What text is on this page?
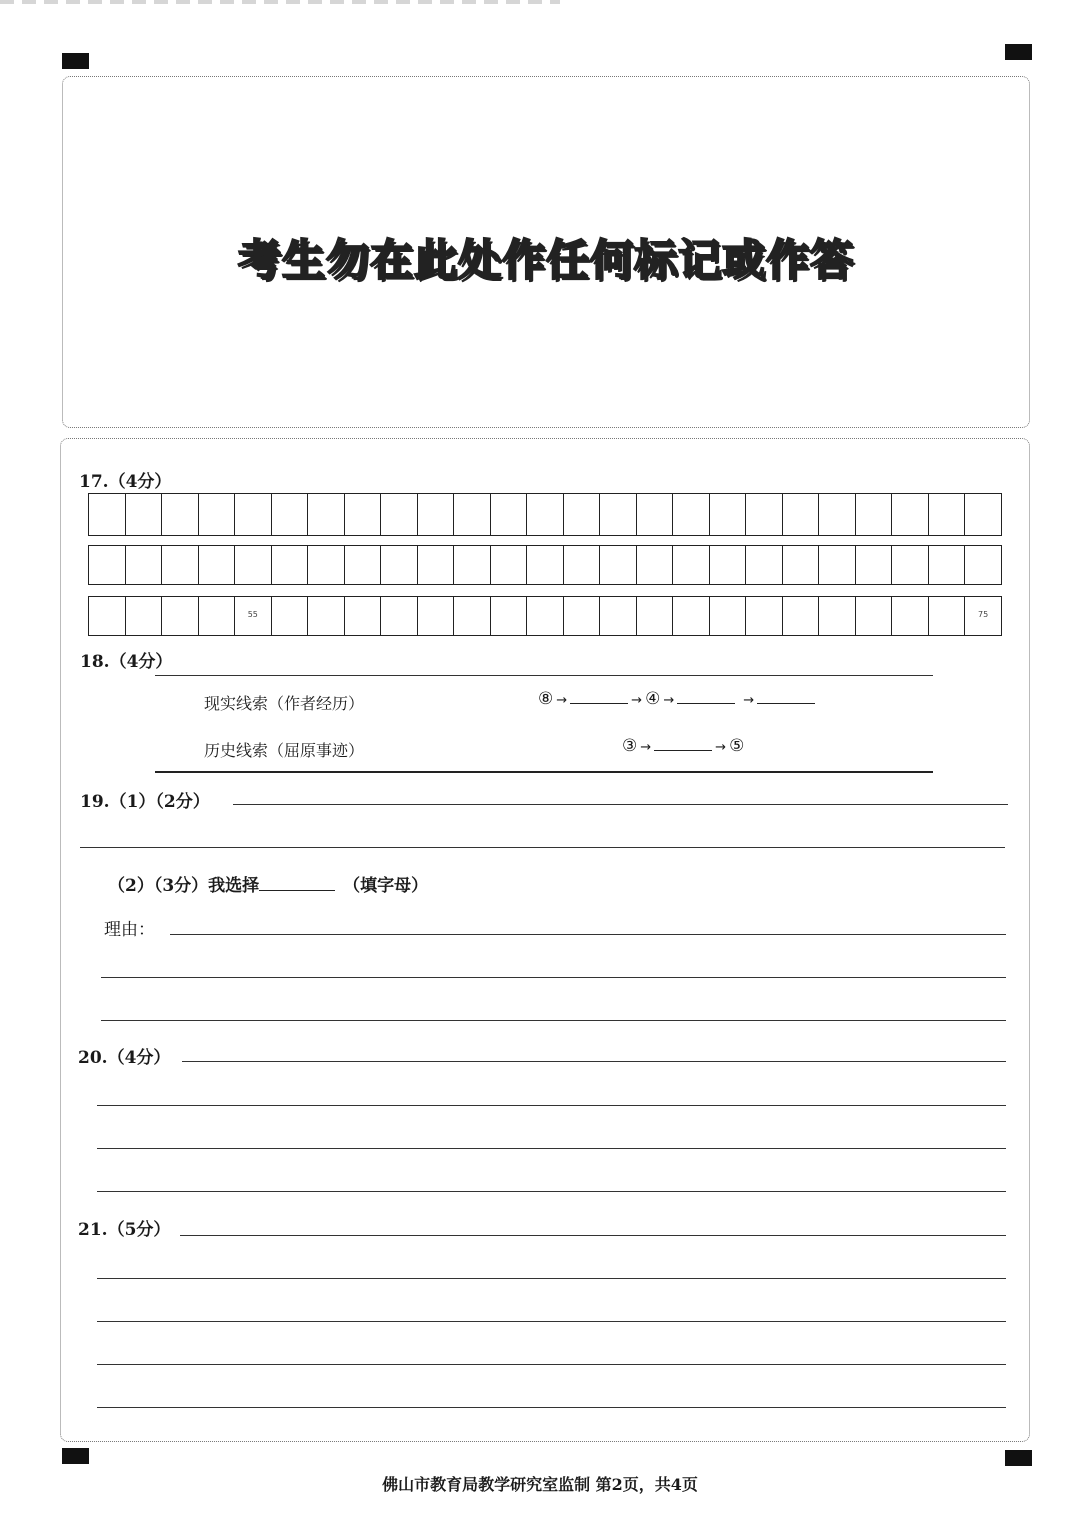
考生勿在此处作任何标记或作答
17.（4分）
55	75
18.（4分）
现实线索（作者经历）	⑧ →	→ ④ →	→
历史线索（屈原事迹）	③ →	→ ⑤
19.（1）（2分）
（2）（3分）我选择	（填字母）
理由：
20.（4分）
21.（5分）
佛山市教育局教学研究室监制 第2页，共4页
